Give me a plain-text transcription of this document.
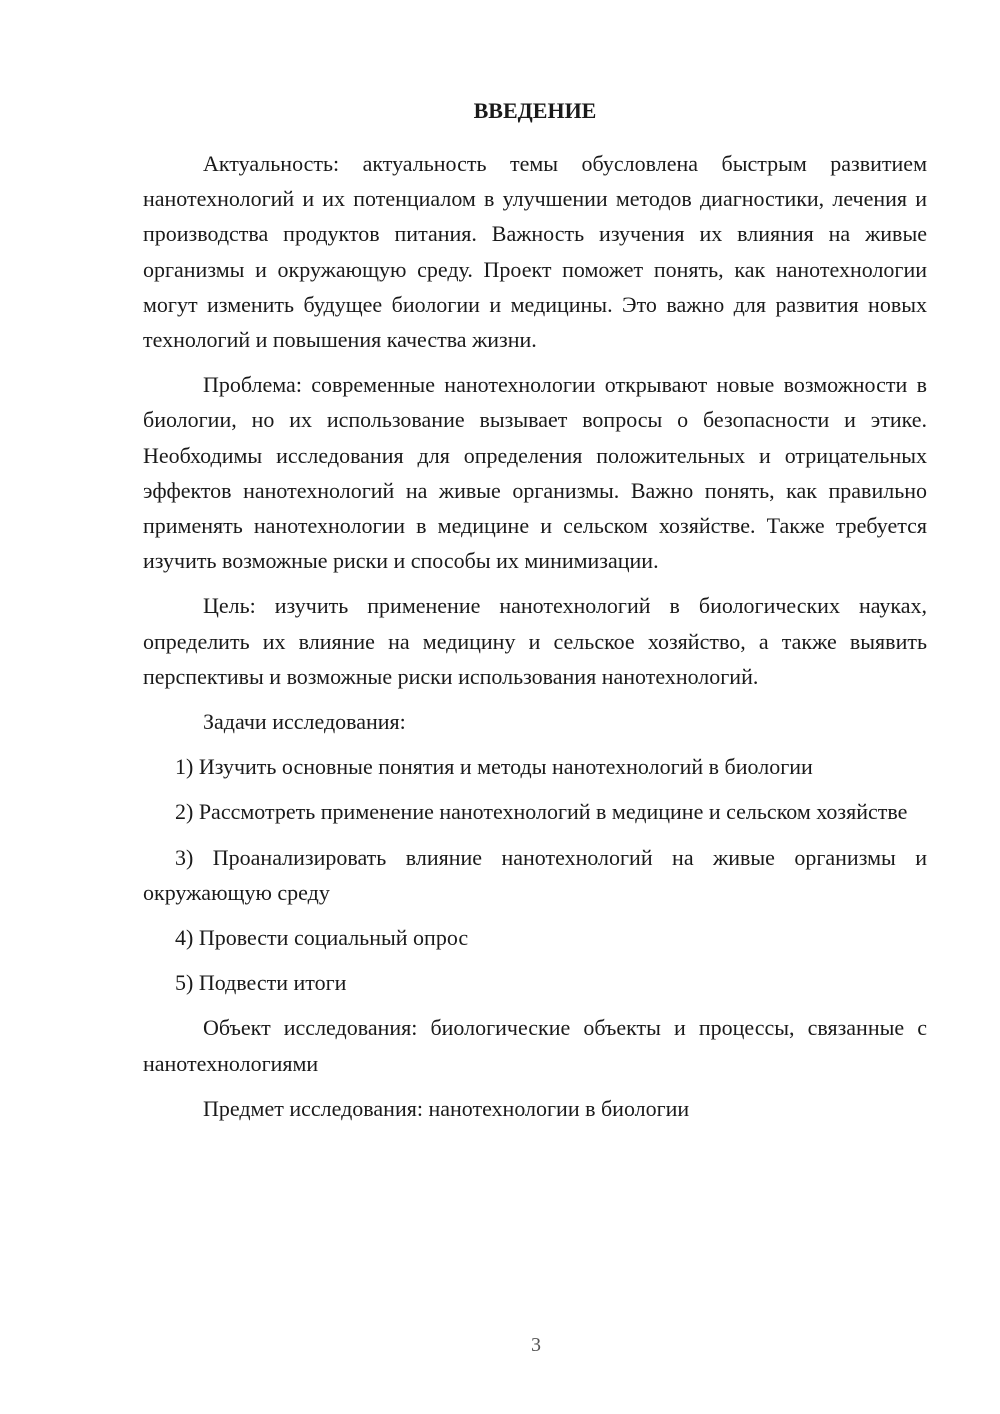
ВВЕДЕНИЕ

Актуальность: актуальность темы обусловлена быстрым развитием нанотехнологий и их потенциалом в улучшении методов диагностики, лечения и производства продуктов питания. Важность изучения их влияния на живые организмы и окружающую среду. Проект поможет понять, как нанотехнологии могут изменить будущее биологии и медицины. Это важно для развития новых технологий и повышения качества жизни.

Проблема: современные нанотехнологии открывают новые возможности в биологии, но их использование вызывает вопросы о безопасности и этике. Необходимы исследования для определения положительных и отрицательных эффектов нанотехнологий на живые организмы. Важно понять, как правильно применять нанотехнологии в медицине и сельском хозяйстве. Также требуется изучить возможные риски и способы их минимизации.

Цель: изучить применение нанотехнологий в биологических науках, определить их влияние на медицину и сельское хозяйство, а также выявить перспективы и возможные риски использования нанотехнологий.

Задачи исследования:

1) Изучить основные понятия и методы нанотехнологий в биологии

2) Рассмотреть применение нанотехнологий в медицине и сельском хозяйстве

3) Проанализировать влияние нанотехнологий на живые организмы и окружающую среду

4) Провести социальный опрос

5) Подвести итоги

Объект исследования: биологические объекты и процессы, связанные с нанотехнологиями

Предмет исследования: нанотехнологии в биологии

3
